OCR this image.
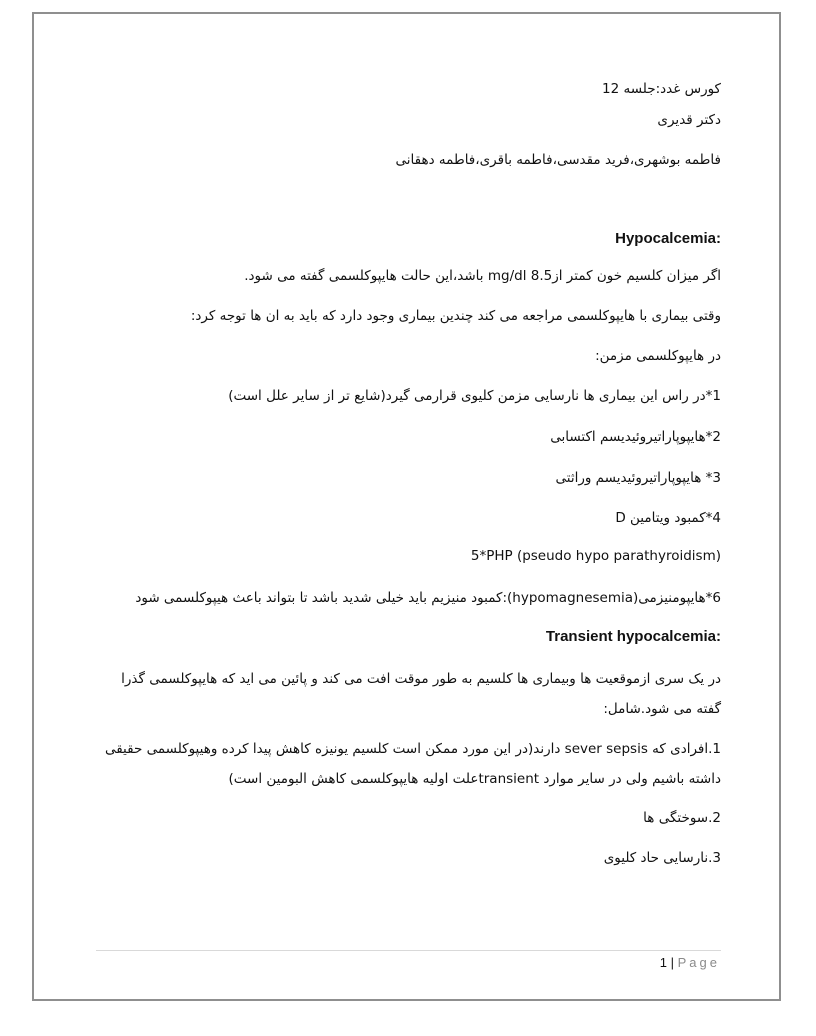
کورس غدد:جلسه 12
دکتر قدیری
فاطمه بوشهری،فرید مقدسی،فاطمه باقری،فاطمه دهقانی
Hypocalcemia:
اگر میزان کلسیم خون کمتر از8.5 mg/dl باشد،این حالت هایپوکلسمی گفته می شود.
وقتی بیماری با هایپوکلسمی مراجعه می کند چندین بیماری وجود دارد که باید به ان ها توجه کرد:
در هایپوکلسمی مزمن:
1*در راس این بیماری ها نارسایی مزمن کلیوی قرارمی گیرد(شایع تر از سایر علل است)
2*هایپوپاراتیروئیدیسم اکتسابی
3* هایپوپاراتیروئیدیسم وراثتی
4*کمبود ویتامین D
5*PHP (pseudo hypo parathyroidism)
6*هایپومنیزمی(hypomagnesemia):کمبود منیزیم باید خیلی شدید باشد تا بتواند باعث هیپوکلسمی شود
Transient hypocalcemia:
در یک سری ازموقعیت ها وبیماری ها کلسیم به طور موقت افت می کند و پائین می اید که هایپوکلسمی گذرا گفته می شود.شامل:
1.افرادی که sever sepsis دارند(در این مورد ممکن است کلسیم یونیزه کاهش پیدا کرده وهیپوکلسمی حقیقی داشته باشیم ولی در سایر موارد transientعلت اولیه هایپوکلسمی کاهش البومین است)
2.سوختگی ها
3.نارسایی حاد کلیوی
1 | Page
